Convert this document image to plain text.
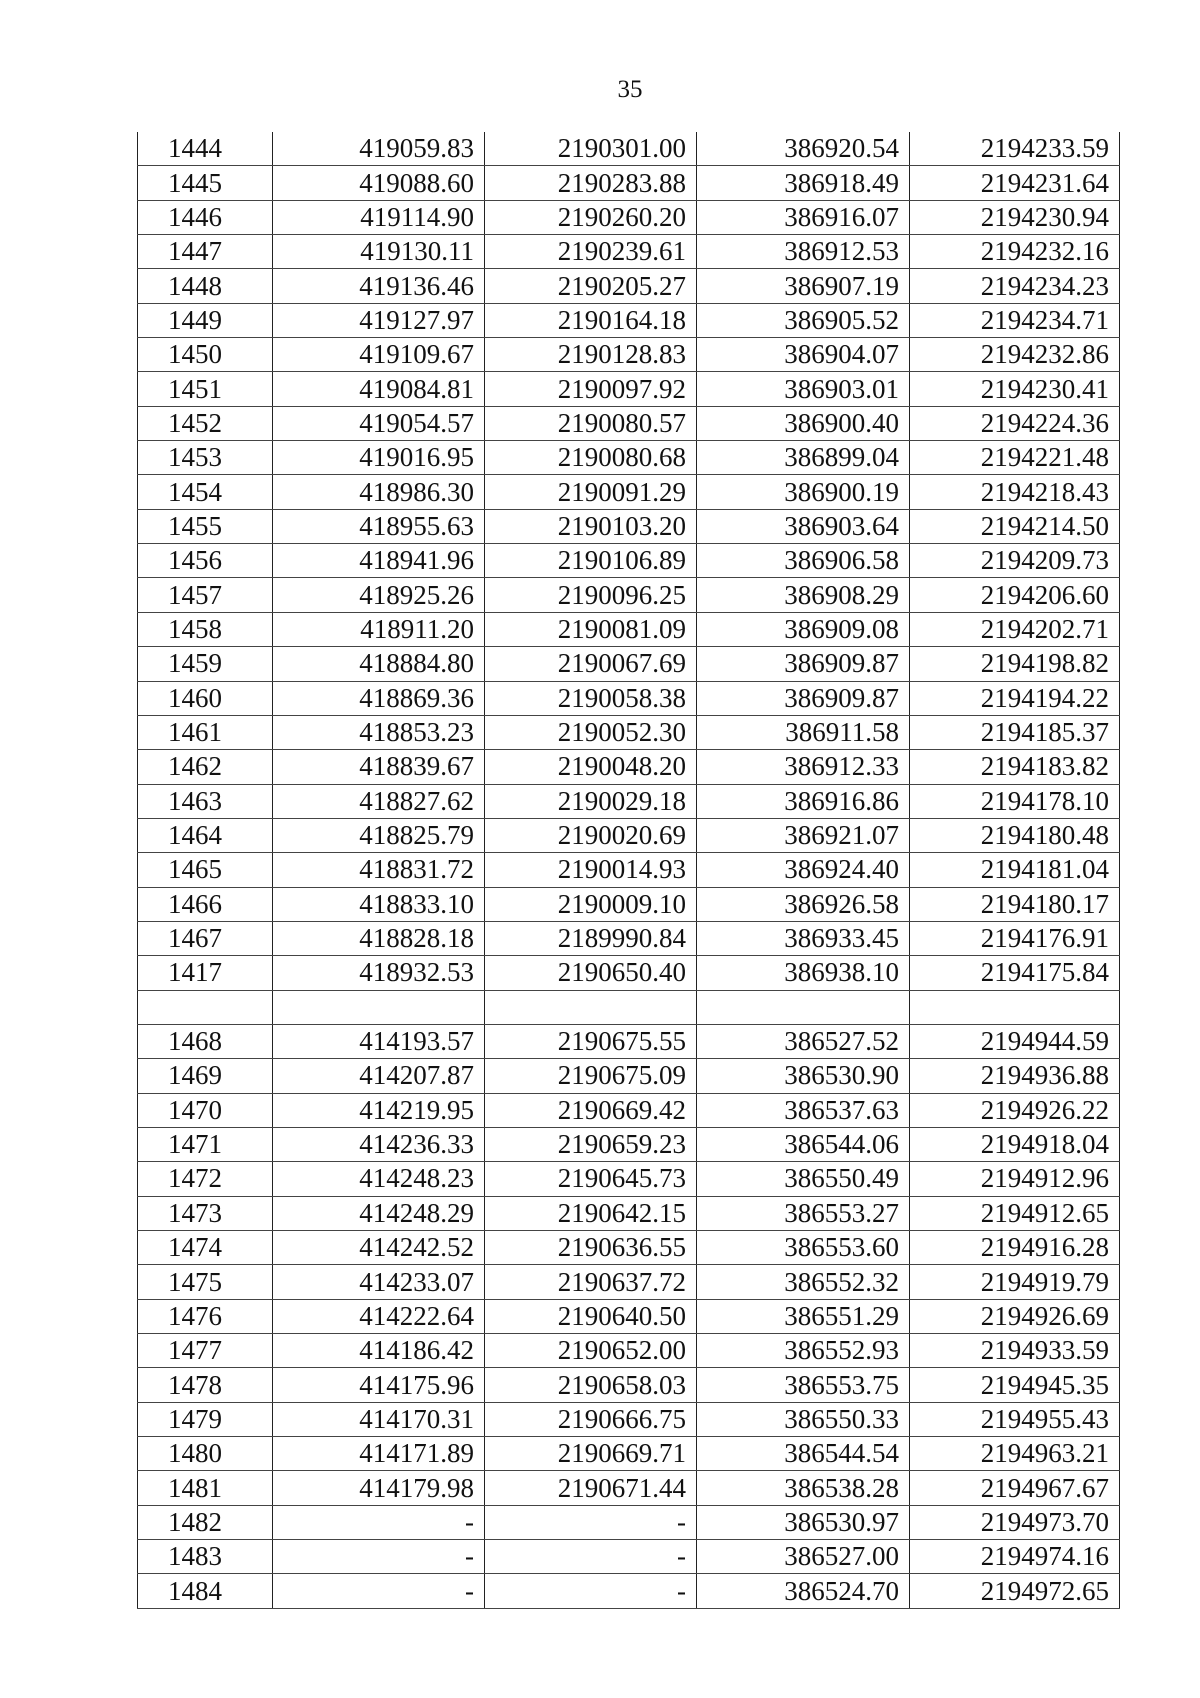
35
1444	419059.83	2190301.00	386920.54	2194233.59
1445	419088.60	2190283.88	386918.49	2194231.64
1446	419114.90	2190260.20	386916.07	2194230.94
1447	419130.11	2190239.61	386912.53	2194232.16
1448	419136.46	2190205.27	386907.19	2194234.23
1449	419127.97	2190164.18	386905.52	2194234.71
1450	419109.67	2190128.83	386904.07	2194232.86
1451	419084.81	2190097.92	386903.01	2194230.41
1452	419054.57	2190080.57	386900.40	2194224.36
1453	419016.95	2190080.68	386899.04	2194221.48
1454	418986.30	2190091.29	386900.19	2194218.43
1455	418955.63	2190103.20	386903.64	2194214.50
1456	418941.96	2190106.89	386906.58	2194209.73
1457	418925.26	2190096.25	386908.29	2194206.60
1458	418911.20	2190081.09	386909.08	2194202.71
1459	418884.80	2190067.69	386909.87	2194198.82
1460	418869.36	2190058.38	386909.87	2194194.22
1461	418853.23	2190052.30	386911.58	2194185.37
1462	418839.67	2190048.20	386912.33	2194183.82
1463	418827.62	2190029.18	386916.86	2194178.10
1464	418825.79	2190020.69	386921.07	2194180.48
1465	418831.72	2190014.93	386924.40	2194181.04
1466	418833.10	2190009.10	386926.58	2194180.17
1467	418828.18	2189990.84	386933.45	2194176.91
1417	418932.53	2190650.40	386938.10	2194175.84

1468	414193.57	2190675.55	386527.52	2194944.59
1469	414207.87	2190675.09	386530.90	2194936.88
1470	414219.95	2190669.42	386537.63	2194926.22
1471	414236.33	2190659.23	386544.06	2194918.04
1472	414248.23	2190645.73	386550.49	2194912.96
1473	414248.29	2190642.15	386553.27	2194912.65
1474	414242.52	2190636.55	386553.60	2194916.28
1475	414233.07	2190637.72	386552.32	2194919.79
1476	414222.64	2190640.50	386551.29	2194926.69
1477	414186.42	2190652.00	386552.93	2194933.59
1478	414175.96	2190658.03	386553.75	2194945.35
1479	414170.31	2190666.75	386550.33	2194955.43
1480	414171.89	2190669.71	386544.54	2194963.21
1481	414179.98	2190671.44	386538.28	2194967.67
1482	-	-	386530.97	2194973.70
1483	-	-	386527.00	2194974.16
1484	-	-	386524.70	2194972.65
